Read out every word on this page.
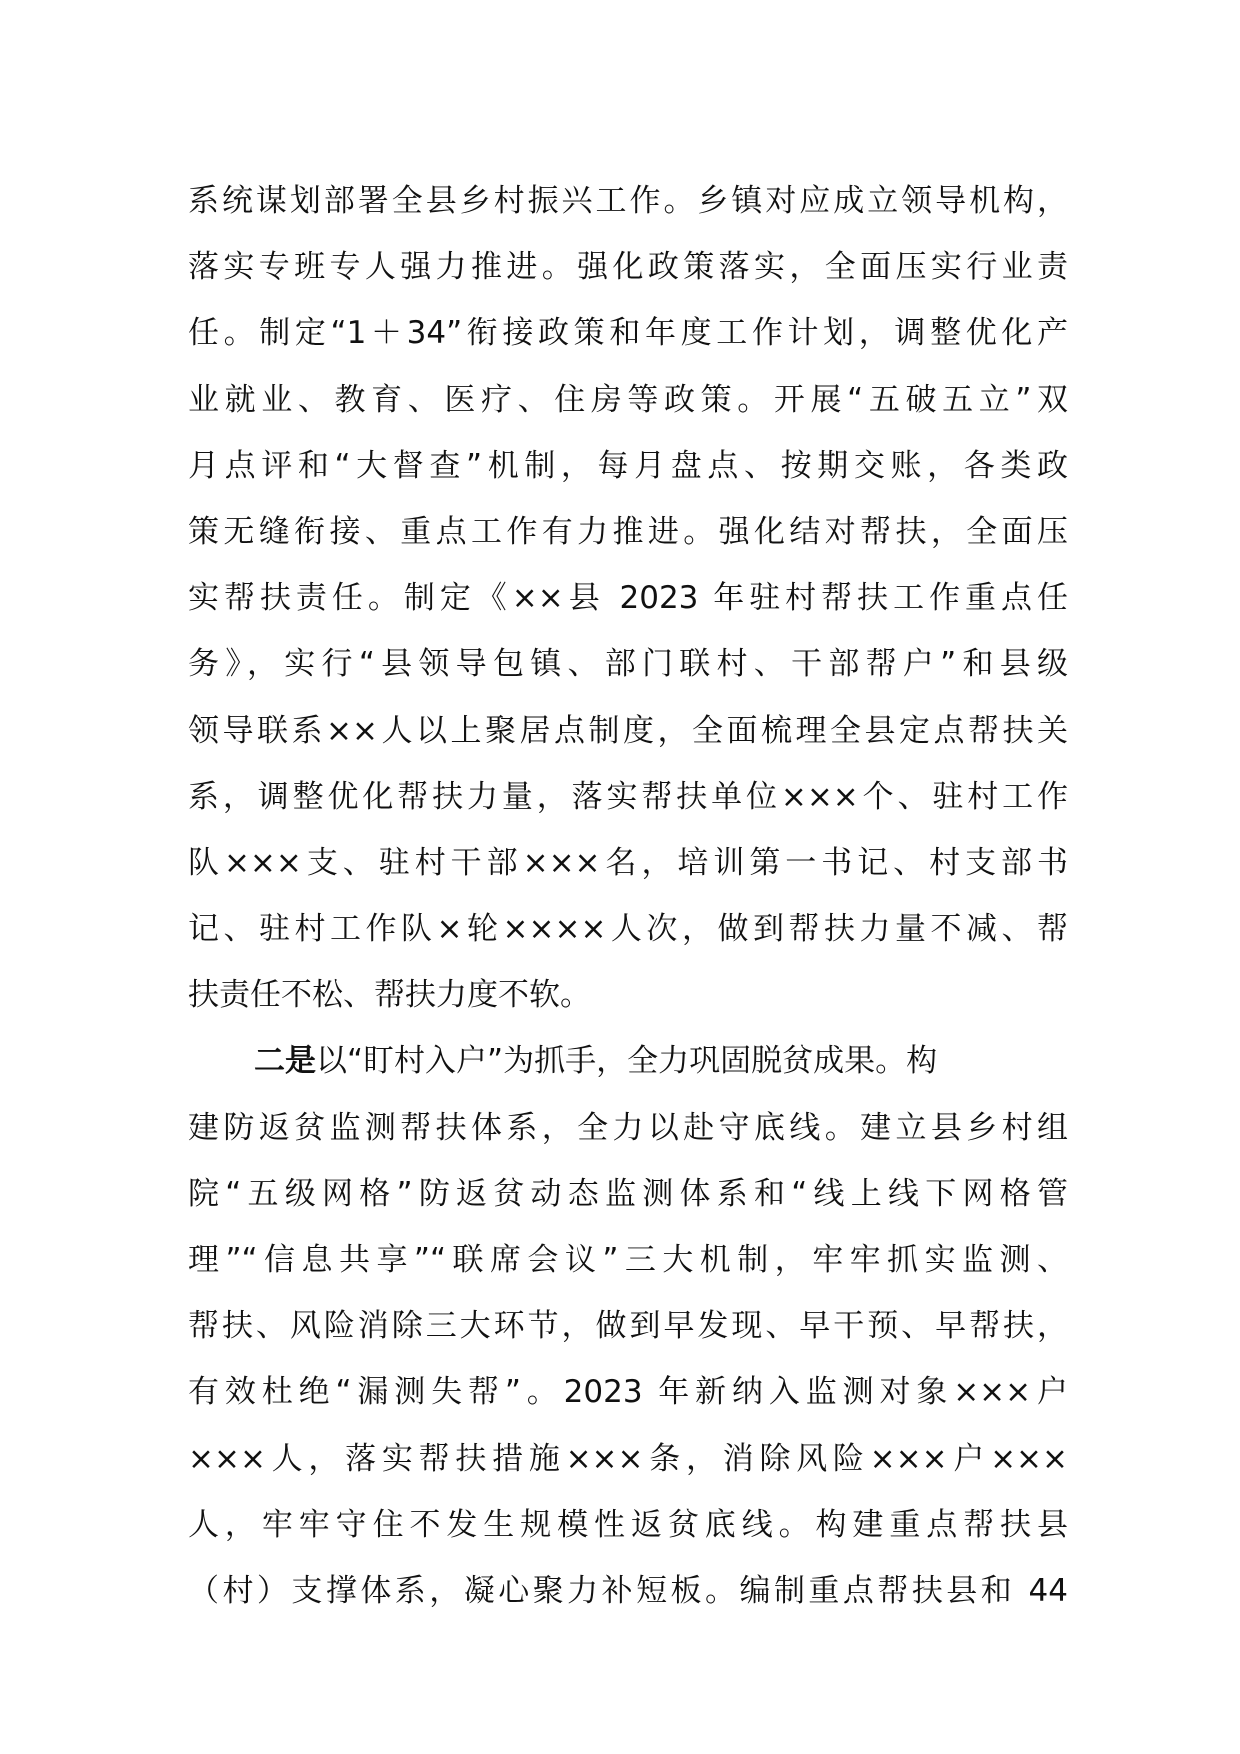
系统谋划部署全县乡村振兴工作。乡镇对应成立领导机构，
落实专班专人强力推进。强化政策落实，全面压实行业责
任。制定“1＋34”衔接政策和年度工作计划，调整优化产
业就业、教育、医疗、住房等政策。开展“五破五立”双
月点评和“大督查”机制，每月盘点、按期交账，各类政
策无缝衔接、重点工作有力推进。强化结对帮扶，全面压
实帮扶责任。制定《××县 2023 年驻村帮扶工作重点任
务》，实行“县领导包镇、部门联村、干部帮户”和县级
领导联系××人以上聚居点制度，全面梳理全县定点帮扶关
系，调整优化帮扶力量，落实帮扶单位×××个、驻村工作
队×××支、驻村干部×××名，培训第一书记、村支部书
记、驻村工作队×轮××××人次，做到帮扶力量不减、帮
扶责任不松、帮扶力度不软。
二是以“盯村入户”为抓手，全力巩固脱贫成果。构
建防返贫监测帮扶体系，全力以赴守底线。建立县乡村组
院“五级网格”防返贫动态监测体系和“线上线下网格管
理”“信息共享”“联席会议”三大机制，牢牢抓实监测、
帮扶、风险消除三大环节，做到早发现、早干预、早帮扶，
有效杜绝“漏测失帮”。2023 年新纳入监测对象×××户
×××人，落实帮扶措施×××条，消除风险×××户×××
人，牢牢守住不发生规模性返贫底线。构建重点帮扶县
（村）支撑体系，凝心聚力补短板。编制重点帮扶县和 44
